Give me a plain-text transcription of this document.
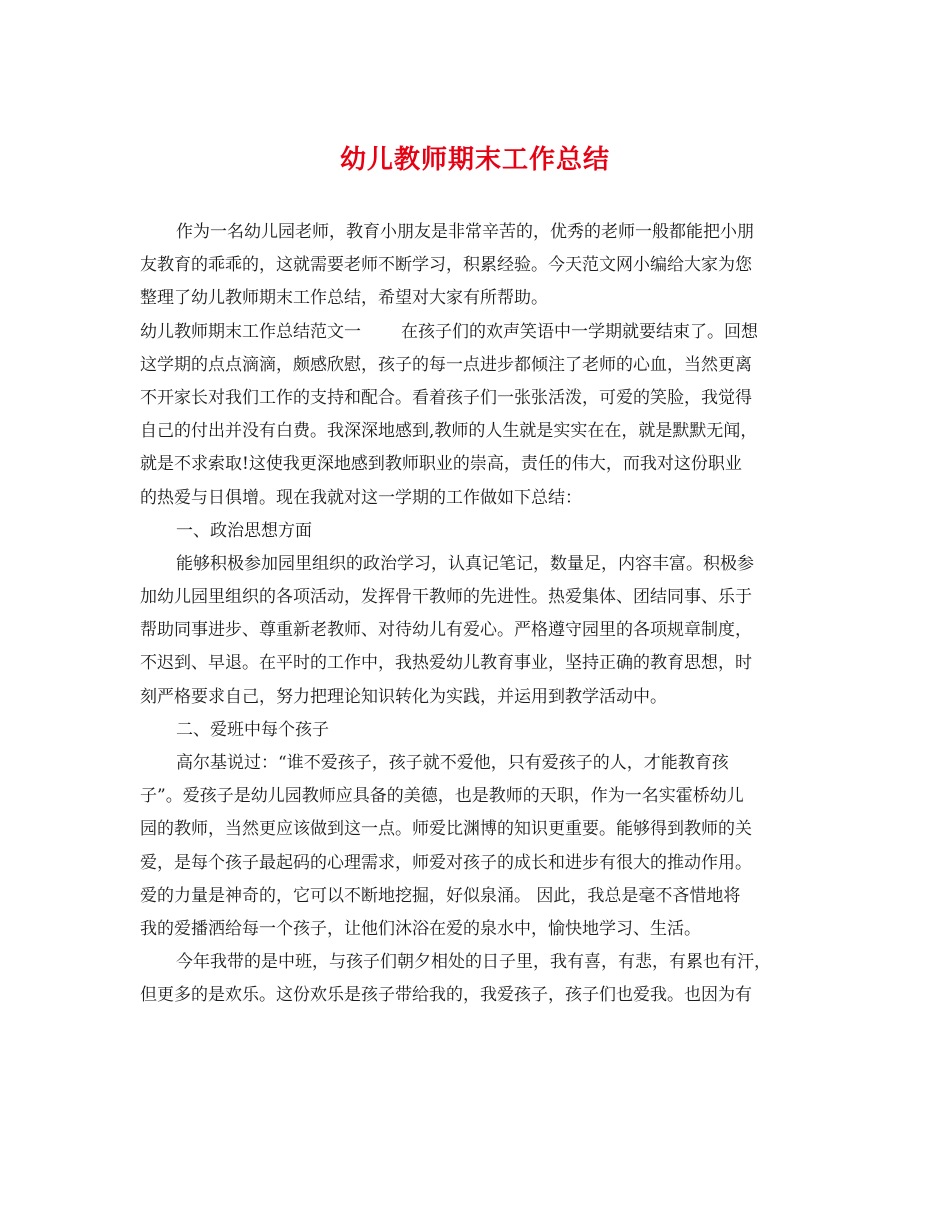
幼儿教师期末工作总结
作为一名幼儿园老师，教育小朋友是非常辛苦的，优秀的老师一般都能把小朋
友教育的乖乖的，这就需要老师不断学习，积累经验。今天范文网小编给大家为您
整理了幼儿教师期末工作总结，希望对大家有所帮助。
幼儿教师期末工作总结范文一 在孩子们的欢声笑语中一学期就要结束了。回想
这学期的点点滴滴，颇感欣慰，孩子的每一点进步都倾注了老师的心血，当然更离
不开家长对我们工作的支持和配合。看着孩子们一张张活泼，可爱的笑脸，我觉得
自己的付出并没有白费。我深深地感到,教师的人生就是实实在在，就是默默无闻，
就是不求索取!这使我更深地感到教师职业的崇高，责任的伟大，而我对这份职业
的热爱与日俱增。现在我就对这一学期的工作做如下总结：
一、政治思想方面
能够积极参加园里组织的政治学习，认真记笔记，数量足，内容丰富。积极参
加幼儿园里组织的各项活动，发挥骨干教师的先进性。热爱集体、团结同事、乐于
帮助同事进步、尊重新老教师、对待幼儿有爱心。严格遵守园里的各项规章制度，
不迟到、早退。在平时的工作中，我热爱幼儿教育事业，坚持正确的教育思想，时
刻严格要求自己，努力把理论知识转化为实践，并运用到教学活动中。
二、爱班中每个孩子
高尔基说过：“谁不爱孩子，孩子就不爱他，只有爱孩子的人，才能教育孩
子”。爱孩子是幼儿园教师应具备的美德，也是教师的天职，作为一名实霍桥幼儿
园的教师，当然更应该做到这一点。师爱比渊博的知识更重要。能够得到教师的关
爱，是每个孩子最起码的心理需求，师爱对孩子的成长和进步有很大的推动作用。
爱的力量是神奇的，它可以不断地挖掘，好似泉涌。 因此，我总是毫不吝惜地将
我的爱播洒给每一个孩子，让他们沐浴在爱的泉水中，愉快地学习、生活。
今年我带的是中班，与孩子们朝夕相处的日子里，我有喜，有悲，有累也有汗，
但更多的是欢乐。这份欢乐是孩子带给我的，我爱孩子，孩子们也爱我。也因为有
